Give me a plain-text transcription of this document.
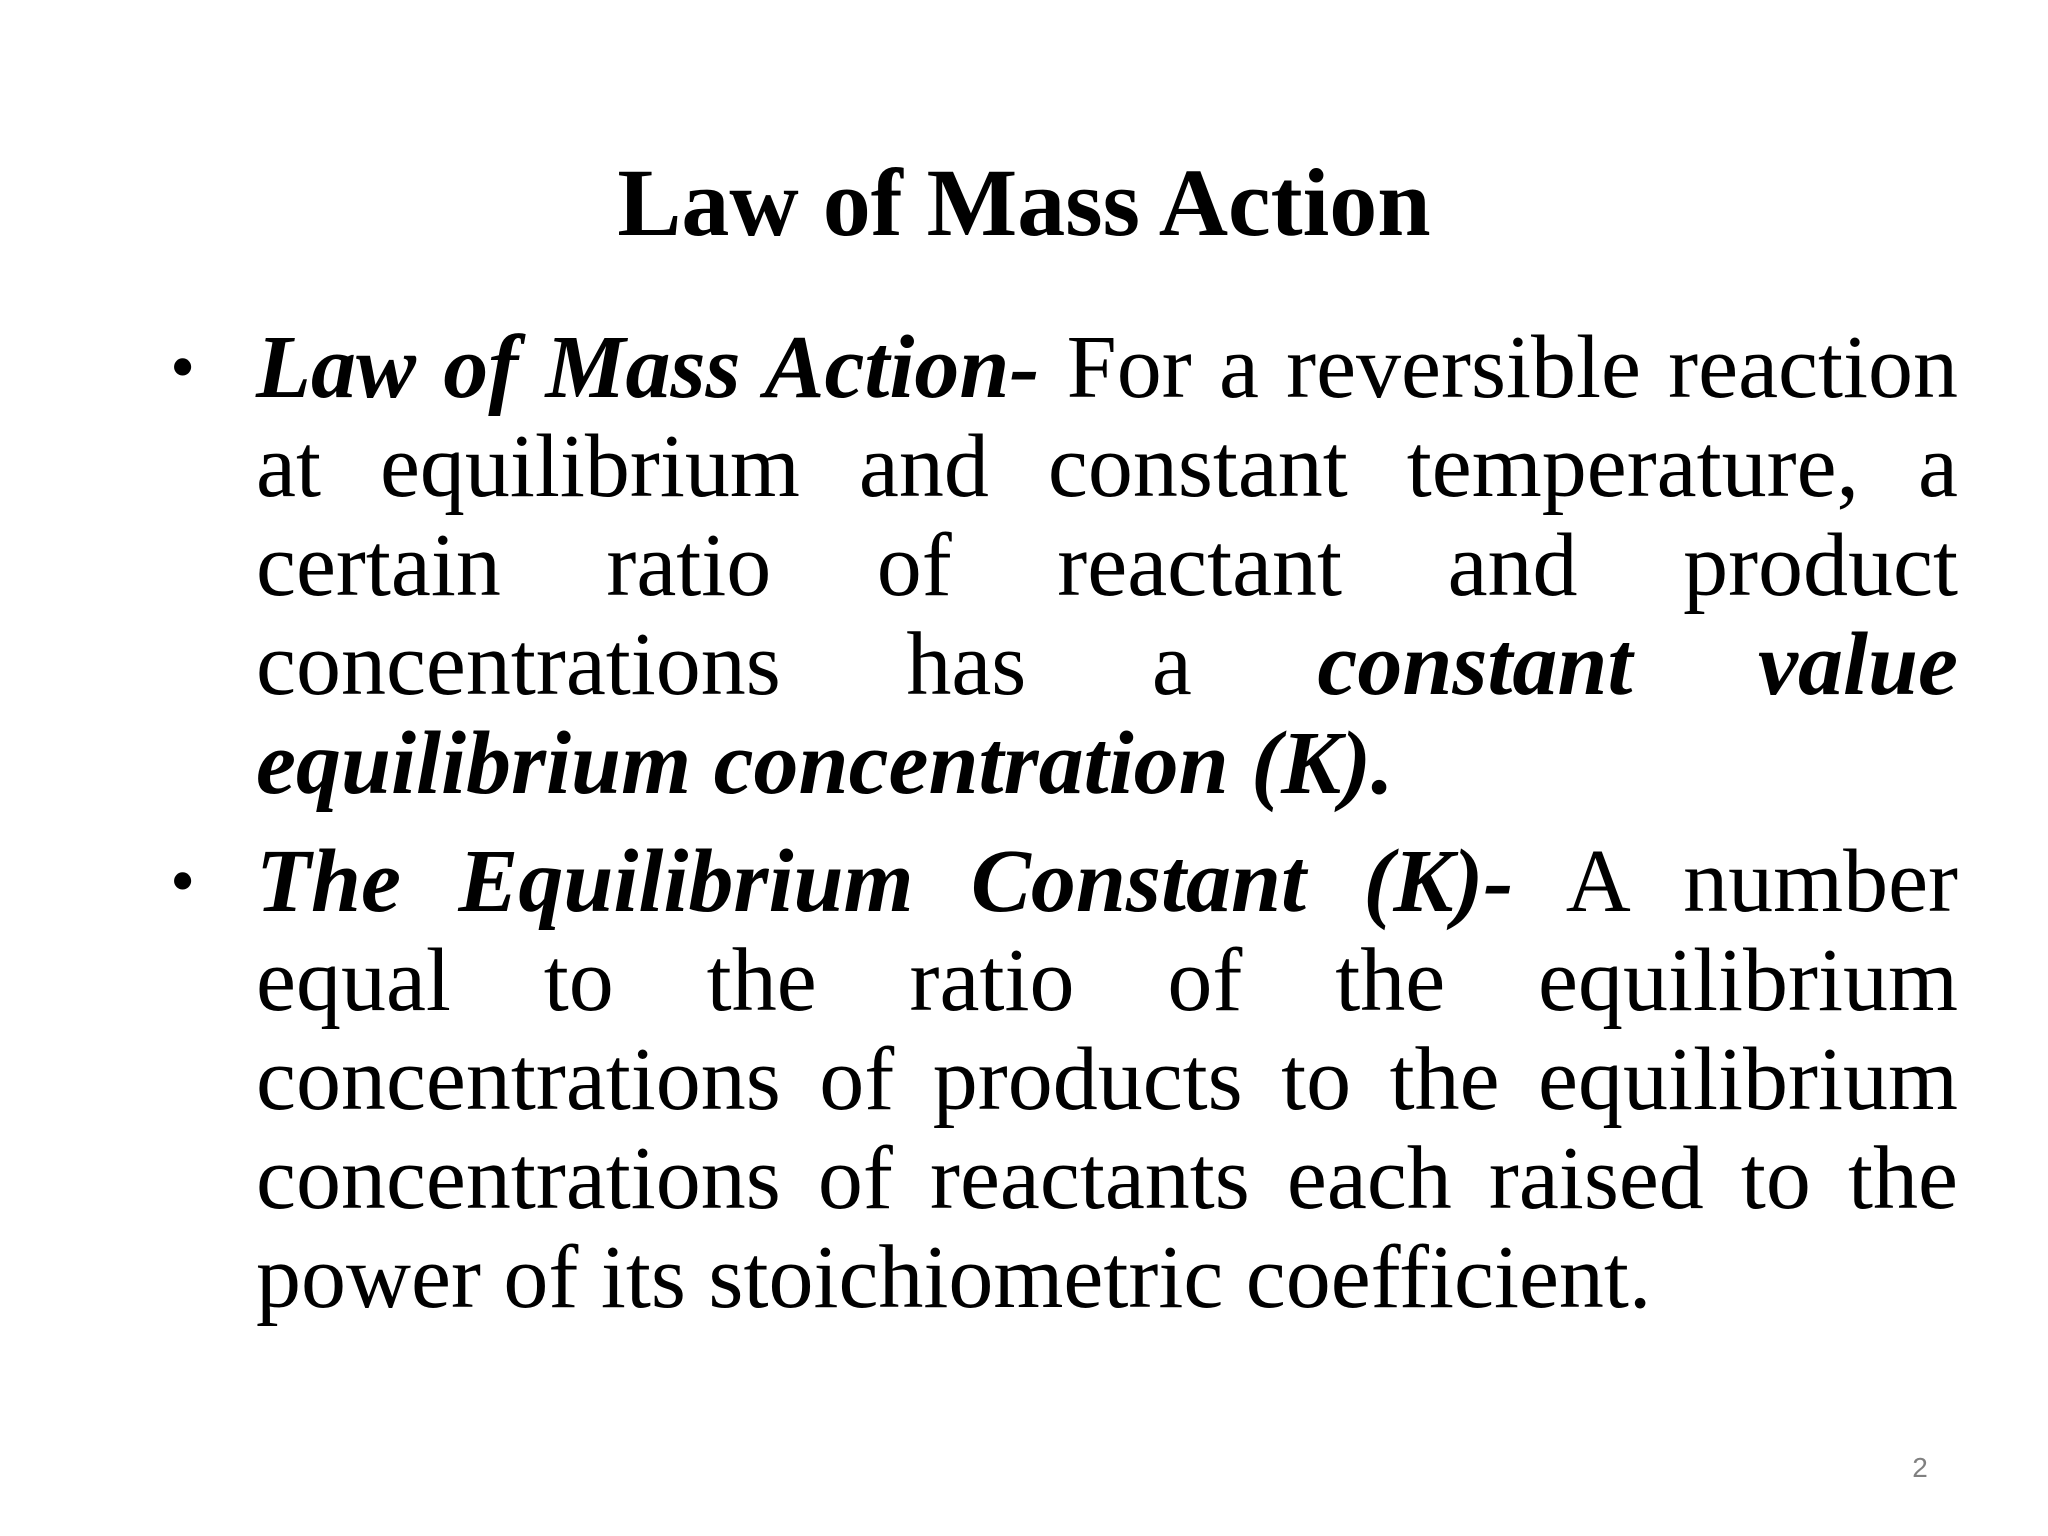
Law of Mass Action
• Law of Mass Action- For a reversible reaction at equilibrium and constant temperature, a certain ratio of reactant and product concentrations has a constant value equilibrium concentration (K).
• The Equilibrium Constant (K)- A number equal to the ratio of the equilibrium concentrations of products to the equilibrium concentrations of reactants each raised to the power of its stoichiometric coefficient.
2
